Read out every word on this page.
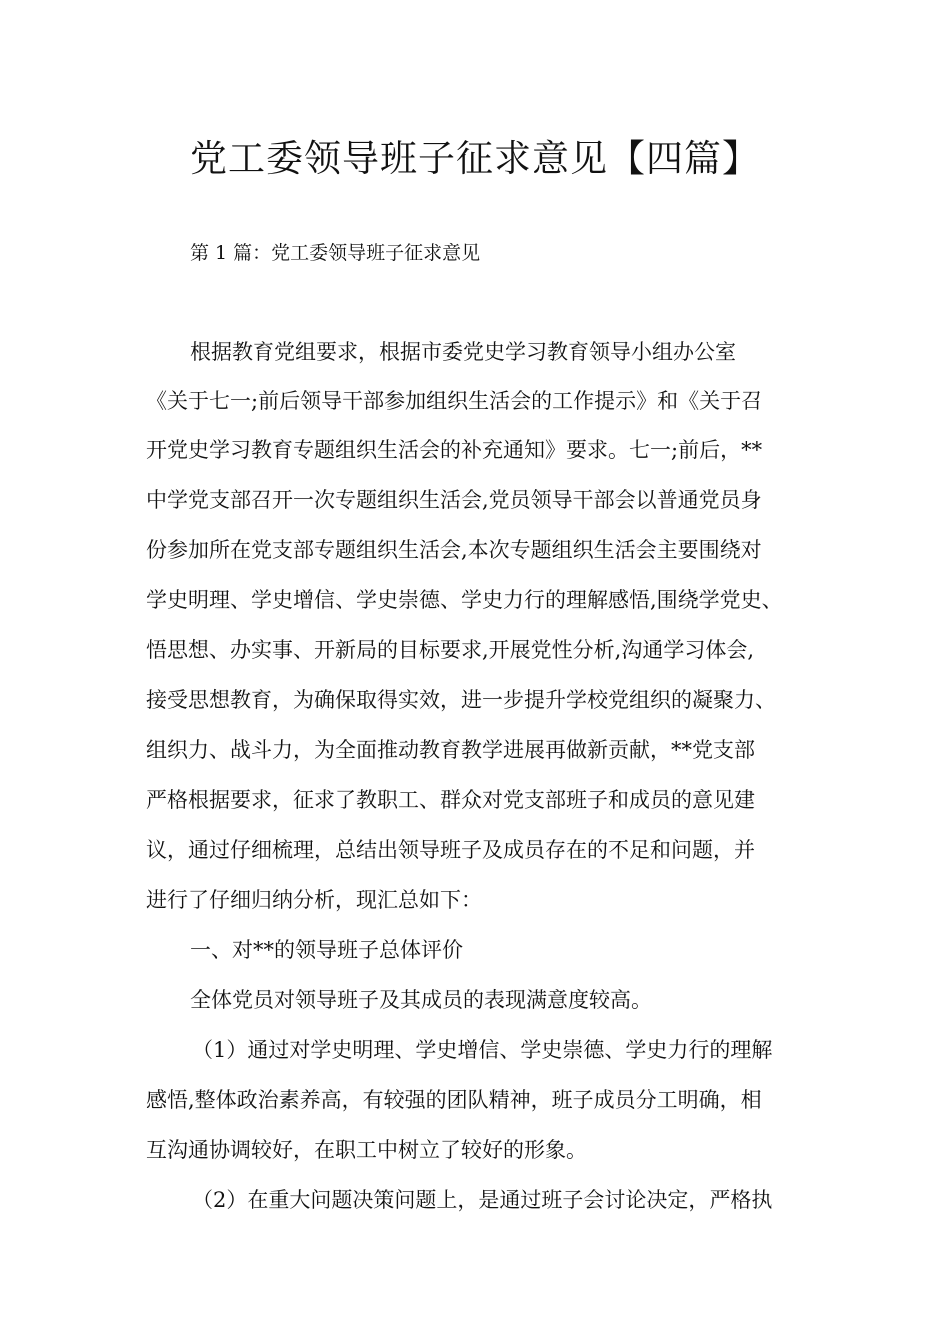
党工委领导班子征求意见【四篇】

第 1 篇：党工委领导班子征求意见

根据教育党组要求，根据市委党史学习教育领导小组办公室

《关于七一;前后领导干部参加组织生活会的工作提示》和《关于召

开党史学习教育专题组织生活会的补充通知》要求。七一;前后，**

中学党支部召开一次专题组织生活会,党员领导干部会以普通党员身

份参加所在党支部专题组织生活会,本次专题组织生活会主要围绕对

学史明理、学史增信、学史崇德、学史力行的理解感悟,围绕学党史、

悟思想、办实事、开新局的目标要求,开展党性分析,沟通学习体会,

接受思想教育，为确保取得实效，进一步提升学校党组织的凝聚力、

组织力、战斗力，为全面推动教育教学进展再做新贡献，**党支部

严格根据要求，征求了教职工、群众对党支部班子和成员的意见建

议，通过仔细梳理，总结出领导班子及成员存在的不足和问题，并

进行了仔细归纳分析，现汇总如下：

一、对**的领导班子总体评价

全体党员对领导班子及其成员的表现满意度较高。

（1）通过对学史明理、学史增信、学史崇德、学史力行的理解

感悟,整体政治素养高，有较强的团队精神，班子成员分工明确，相

互沟通协调较好，在职工中树立了较好的形象。

（2）在重大问题决策问题上，是通过班子会讨论决定，严格执
